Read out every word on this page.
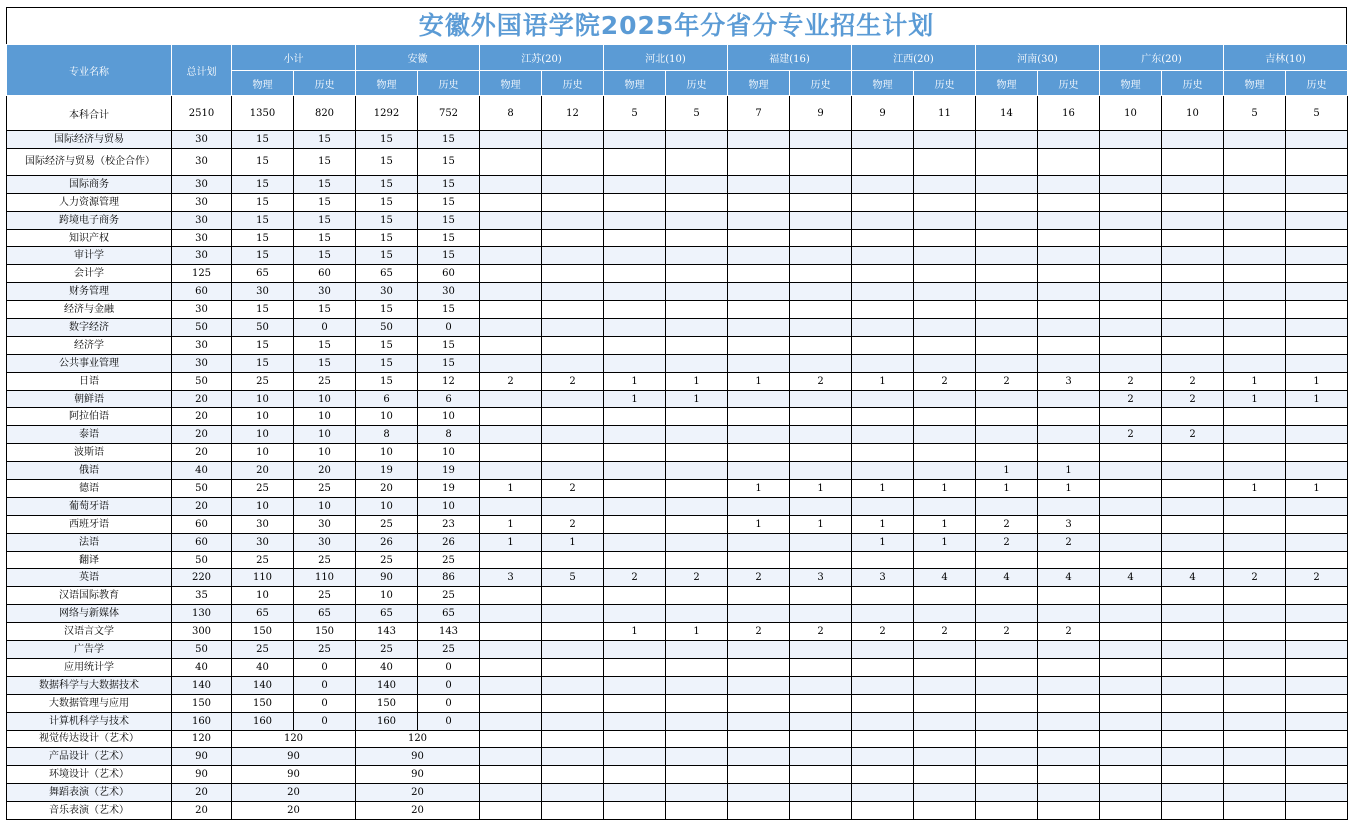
安徽外国语学院2025年分省分专业招生计划
专业名称	总计划	小计		安徽		江苏(20)		河北(10)		福建(16)		江西(20)		河南(30)		广东(20)		吉林(10)	
		物理	历史	物理	历史	物理	历史	物理	历史	物理	历史	物理	历史	物理	历史	物理	历史	物理	历史
本科合计	2510	1350	820	1292	752	8	12	5	5	7	9	9	11	14	16	10	10	5	5
国际经济与贸易	30	15	15	15	15														
国际经济与贸易（校企合作）	30	15	15	15	15														
国际商务	30	15	15	15	15														
人力资源管理	30	15	15	15	15														
跨境电子商务	30	15	15	15	15														
知识产权	30	15	15	15	15														
审计学	30	15	15	15	15														
会计学	125	65	60	65	60														
财务管理	60	30	30	30	30														
经济与金融	30	15	15	15	15														
数字经济	50	50	0	50	0														
经济学	30	15	15	15	15														
公共事业管理	30	15	15	15	15														
日语	50	25	25	15	12	2	2	1	1	1	2	1	2	2	3	2	2	1	1
朝鲜语	20	10	10	6	6			1	1							2	2	1	1
阿拉伯语	20	10	10	10	10														
泰语	20	10	10	8	8											2	2		
波斯语	20	10	10	10	10														
俄语	40	20	20	19	19									1	1				
德语	50	25	25	20	19	1	2			1	1	1	1	1	1			1	1
葡萄牙语	20	10	10	10	10														
西班牙语	60	30	30	25	23	1	2			1	1	1	1	2	3				
法语	60	30	30	26	26	1	1					1	1	2	2				
翻译	50	25	25	25	25														
英语	220	110	110	90	86	3	5	2	2	2	3	3	4	4	4	4	4	2	2
汉语国际教育	35	10	25	10	25														
网络与新媒体	130	65	65	65	65														
汉语言文学	300	150	150	143	143			1	1	2	2	2	2	2	2				
广告学	50	25	25	25	25														
应用统计学	40	40	0	40	0														
数据科学与大数据技术	140	140	0	140	0														
大数据管理与应用	150	150	0	150	0														
计算机科学与技术	160	160	0	160	0														
视觉传达设计（艺术）	120	120		120															
产品设计（艺术）	90	90		90															
环境设计（艺术）	90	90		90															
舞蹈表演（艺术）	20	20		20															
音乐表演（艺术）	20	20		20															
